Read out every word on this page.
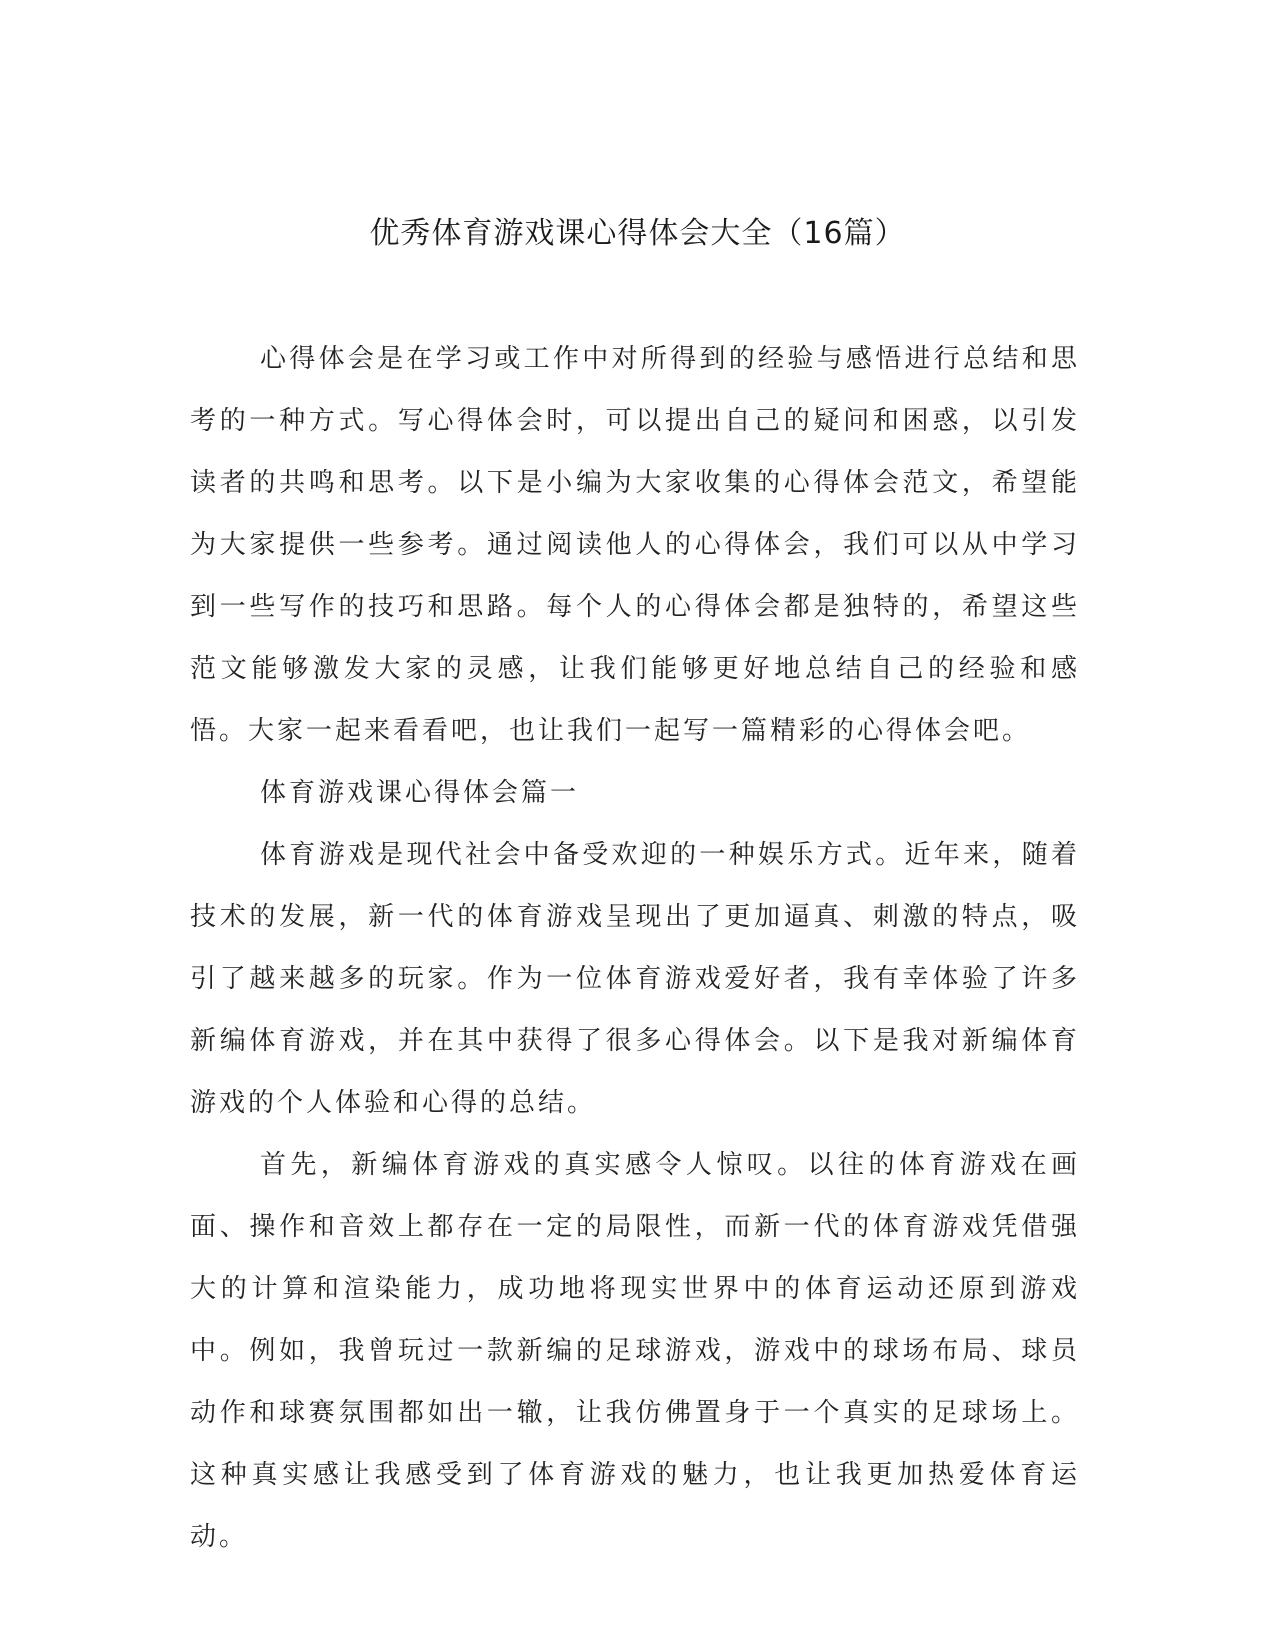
优秀体育游戏课心得体会大全（16篇）

心得体会是在学习或工作中对所得到的经验与感悟进行总结和思考的一种方式。写心得体会时，可以提出自己的疑问和困惑，以引发读者的共鸣和思考。以下是小编为大家收集的心得体会范文，希望能为大家提供一些参考。通过阅读他人的心得体会，我们可以从中学习到一些写作的技巧和思路。每个人的心得体会都是独特的，希望这些范文能够激发大家的灵感，让我们能够更好地总结自己的经验和感悟。大家一起来看看吧，也让我们一起写一篇精彩的心得体会吧。

体育游戏课心得体会篇一

体育游戏是现代社会中备受欢迎的一种娱乐方式。近年来，随着技术的发展，新一代的体育游戏呈现出了更加逼真、刺激的特点，吸引了越来越多的玩家。作为一位体育游戏爱好者，我有幸体验了许多新编体育游戏，并在其中获得了很多心得体会。以下是我对新编体育游戏的个人体验和心得的总结。

首先，新编体育游戏的真实感令人惊叹。以往的体育游戏在画面、操作和音效上都存在一定的局限性，而新一代的体育游戏凭借强大的计算和渲染能力，成功地将现实世界中的体育运动还原到游戏中。例如，我曾玩过一款新编的足球游戏，游戏中的球场布局、球员动作和球赛氛围都如出一辙，让我仿佛置身于一个真实的足球场上。这种真实感让我感受到了体育游戏的魅力，也让我更加热爱体育运动。
